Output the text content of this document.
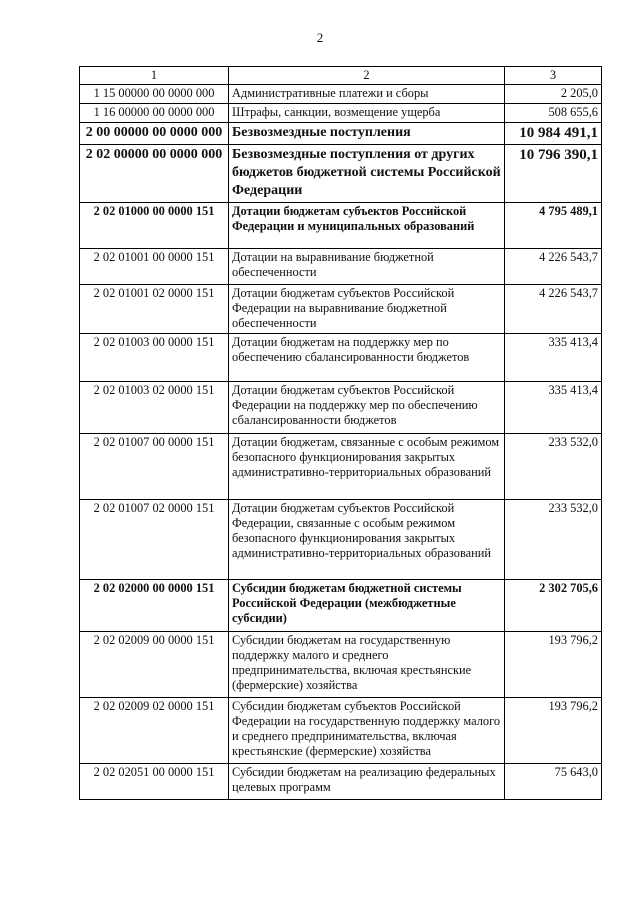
2
1	2	3
1 15 00000 00 0000 000	Административные платежи и сборы	2 205,0
1 16 00000 00 0000 000	Штрафы, санкции, возмещение ущерба	508 655,6
2 00 00000 00 0000 000	Безвозмездные поступления	10 984 491,1
2 02 00000 00 0000 000	Безвозмездные поступления от других бюджетов бюджетной системы Российской Федерации	10 796 390,1
2 02 01000 00 0000 151	Дотации бюджетам субъектов Российской Федерации и муниципальных образований	4 795 489,1
2 02 01001 00 0000 151	Дотации на выравнивание бюджетной обеспеченности	4 226 543,7
2 02 01001 02 0000 151	Дотации бюджетам субъектов Российской Федерации на выравнивание бюджетной обеспеченности	4 226 543,7
2 02 01003 00 0000 151	Дотации бюджетам на поддержку мер по обеспечению сбалансированности бюджетов	335 413,4
2 02 01003 02 0000 151	Дотации бюджетам субъектов Российской Федерации на поддержку мер по обеспечению сбалансированности бюджетов	335 413,4
2 02 01007 00 0000 151	Дотации бюджетам, связанные с особым режимом безопасного функционирования закрытых административно-территориальных образований	233 532,0
2 02 01007 02 0000 151	Дотации бюджетам субъектов Российской Федерации, связанные с особым режимом безопасного функционирования закрытых административно-территориальных образований	233 532,0
2 02 02000 00 0000 151	Субсидии бюджетам бюджетной системы Российской Федерации (межбюджетные субсидии)	2 302 705,6
2 02 02009 00 0000 151	Субсидии бюджетам на государственную поддержку малого и среднего предпринимательства, включая крестьянские (фермерские) хозяйства	193 796,2
2 02 02009 02 0000 151	Субсидии бюджетам субъектов Российской Федерации на государственную поддержку малого и среднего предпринимательства, включая крестьянские (фермерские) хозяйства	193 796,2
2 02 02051 00 0000 151	Субсидии бюджетам на реализацию федеральных целевых программ	75 643,0
